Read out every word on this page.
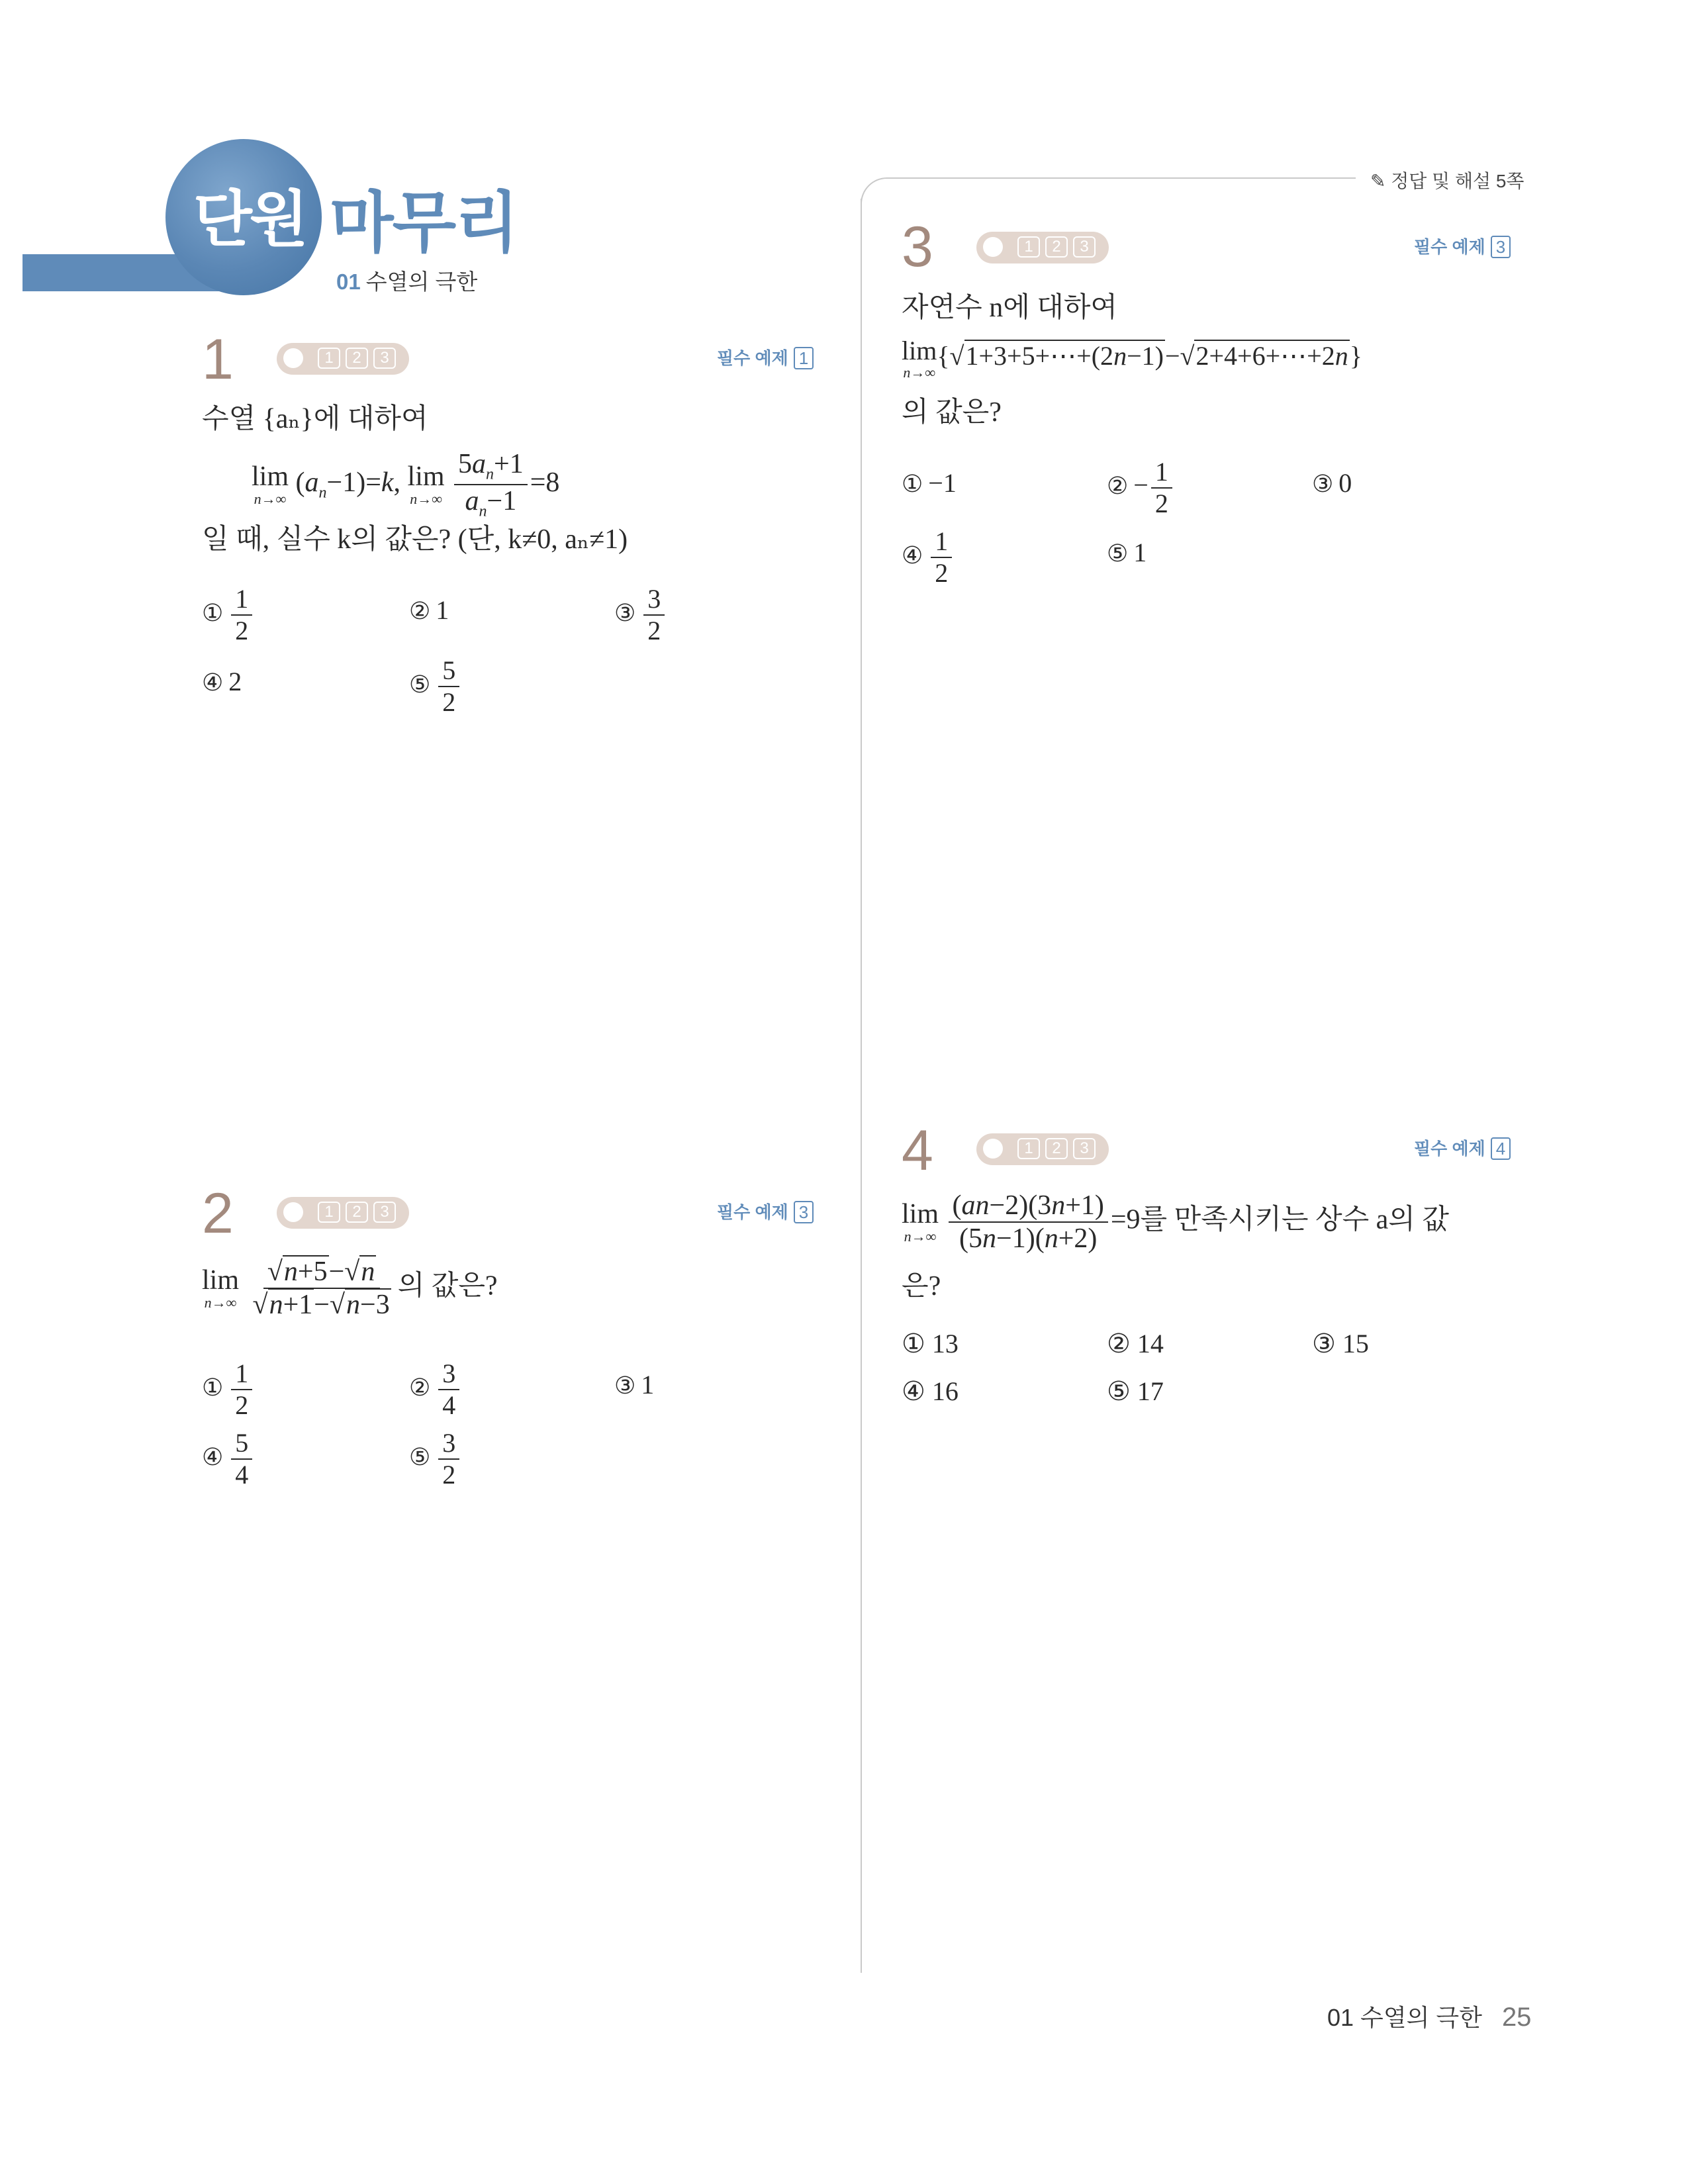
단원 마무리
01 수열의 극한
✎ 정답 및 해설 5쪽
1	1	2	3	필수 예제 1
수열 {aₙ}에 대하여
lim
n→∞
$(a_n-1)=k$, lim
n→∞
$\frac{5a_n+1}{a_n-1} =8$
일 때, 실수 k의 값은? (단, k≠0, aₙ≠1)
① $\frac{1}{2}$	② 1	③ $\frac{3}{2}$
④ 2	⑤ $\frac{5}{2}$
2	1	2	3	필수 예제 3
lim
n→∞
$\frac{√n+5-√n}{√n+1-√n-3}$ 의 값은?
① $\frac{1}{2}$	② $\frac{3}{4}$	③ 1
④ $\frac{5}{4}$	⑤ $\frac{3}{2}$
3	1	2	3	필수 예제 3
자연수 n에 대하여
lim
n→∞
{√1+3+5+⋯+(2n−1)−√2+4+6+⋯+2n}
의 값은?
① −1	② − $\frac{1}{2}$	③ 0
④ $\frac{1}{2}$	⑤ 1
4	1	2	3	필수 예제 4
lim
n→∞
$\frac{(an-2)(3n+1)}{(5n-1)(n+2)} =9$를 만족시키는 상수 a의 값
은?
① 13	② 14	③ 15
④ 16	⑤ 17
01 수열의 극한 25
